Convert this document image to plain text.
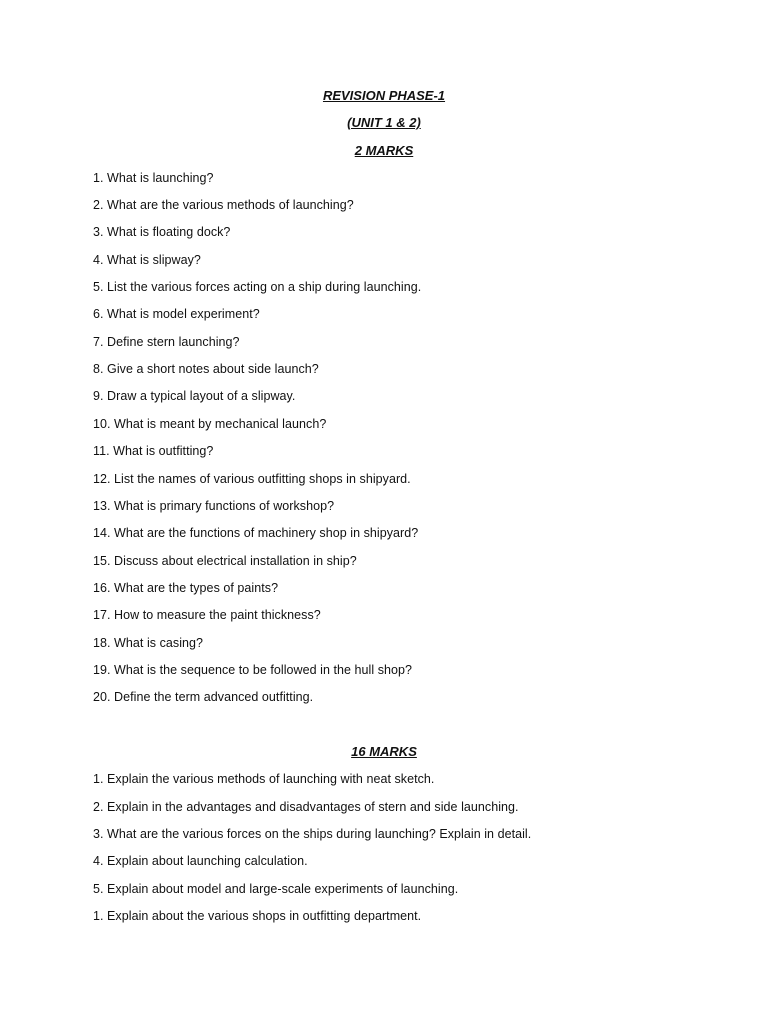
REVISION PHASE-1
(UNIT 1 & 2)
2 MARKS
1. What is launching?
2. What are the various methods of launching?
3. What is floating dock?
4. What is slipway?
5. List the various forces acting on a ship during launching.
6. What is model experiment?
7. Define stern launching?
8. Give a short notes about side launch?
9. Draw a typical layout of a slipway.
10. What is meant by mechanical launch?
11. What is outfitting?
12. List the names of various outfitting shops in shipyard.
13. What is primary functions of workshop?
14. What are the functions of machinery shop in shipyard?
15. Discuss about electrical installation in ship?
16. What are the types of paints?
17. How to measure the paint thickness?
18. What is casing?
19. What is the sequence to be followed in the hull shop?
20. Define the term advanced outfitting.
16 MARKS
1. Explain the various methods of launching with neat sketch.
2. Explain in the advantages and disadvantages of stern and side launching.
3. What are the various forces on the ships during launching? Explain in detail.
4. Explain about launching calculation.
5. Explain about model and large-scale experiments of launching.
1. Explain about the various shops in outfitting department.
